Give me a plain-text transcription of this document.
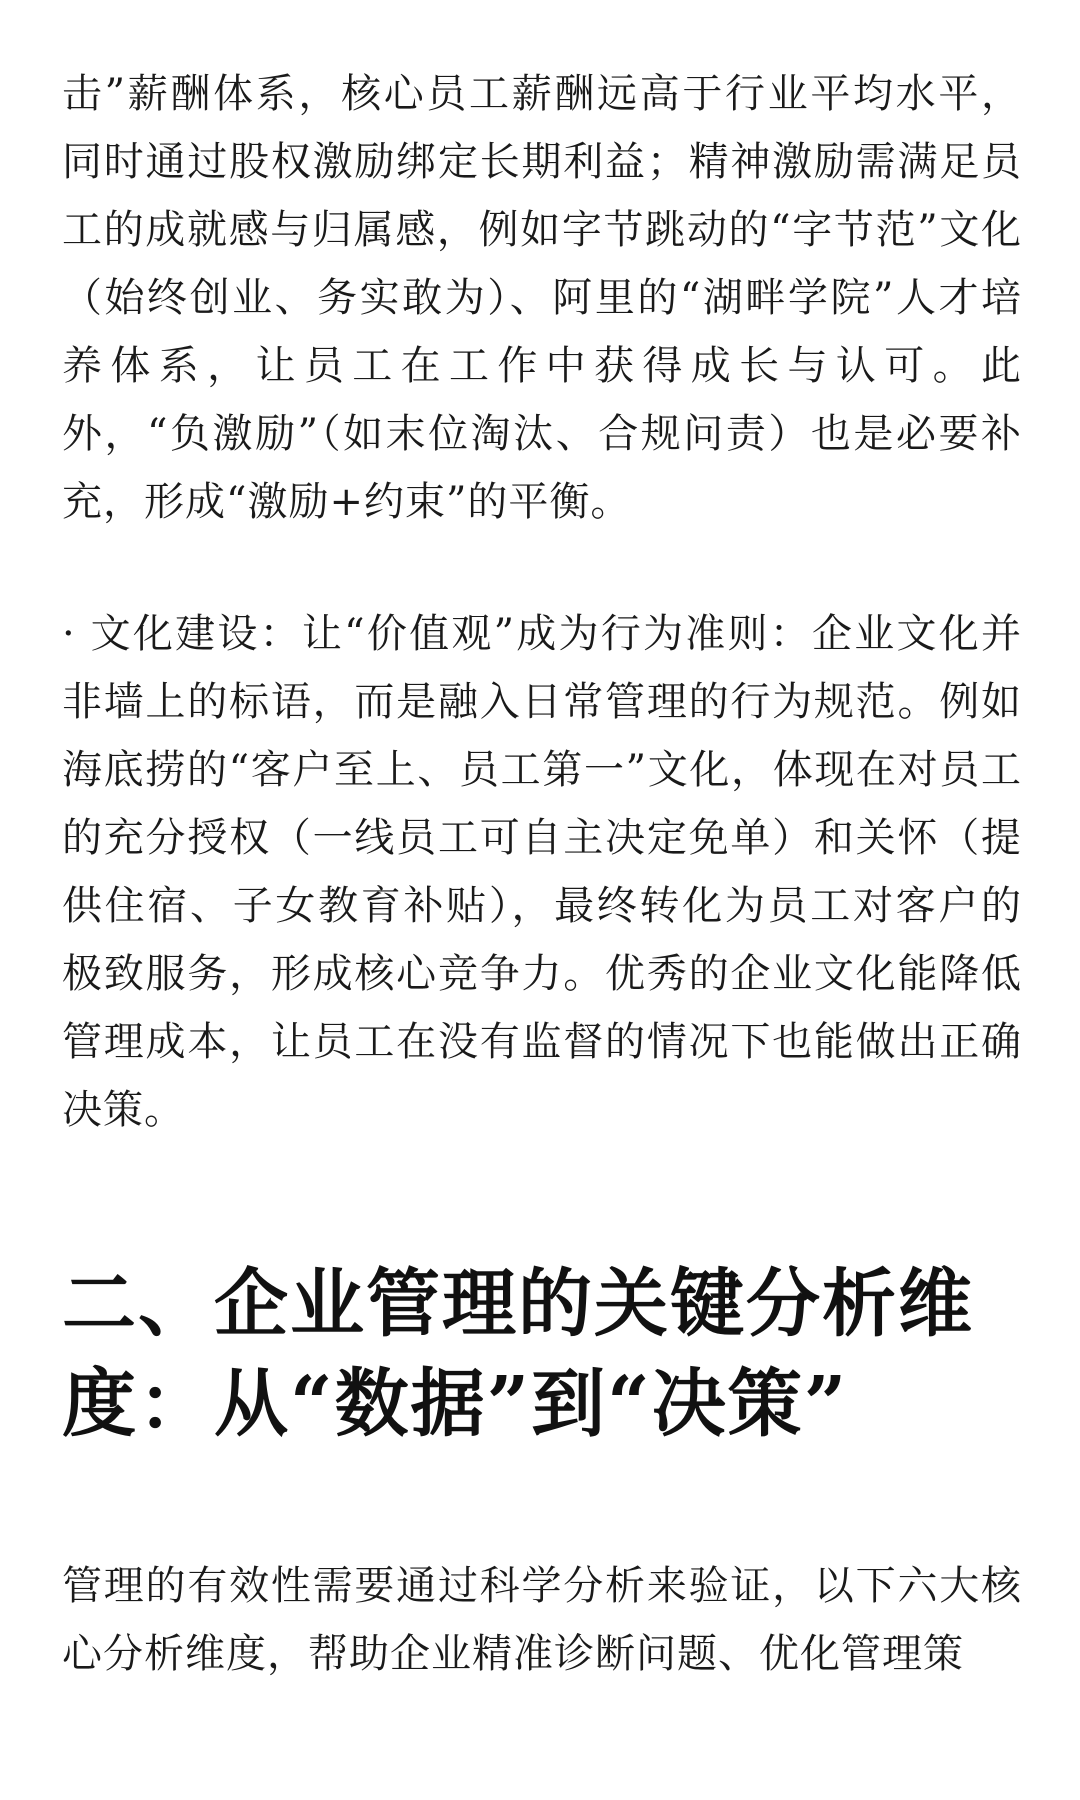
击”薪酬体系，核心员工薪酬远高于行业平均水平，同时通过股权激励绑定长期利益；精神激励需满足员工的成就感与归属感，例如字节跳动的“字节范”文化（始终创业、务实敢为）、阿里的“湖畔学院”人才培养体系，让员工在工作中获得成长与认可。此外，“负激励”（如末位淘汰、合规问责）也是必要补充，形成“激励+约束”的平衡。

· 文化建设：让“价值观”成为行为准则：企业文化并非墙上的标语，而是融入日常管理的行为规范。例如海底捞的“客户至上、员工第一”文化，体现在对员工的充分授权（一线员工可自主决定免单）和关怀（提供住宿、子女教育补贴），最终转化为员工对客户的极致服务，形成核心竞争力。优秀的企业文化能降低管理成本，让员工在没有监督的情况下也能做出正确决策。

二、企业管理的关键分析维度：从“数据”到“决策”

管理的有效性需要通过科学分析来验证，以下六大核心分析维度，帮助企业精准诊断问题、优化管理策
